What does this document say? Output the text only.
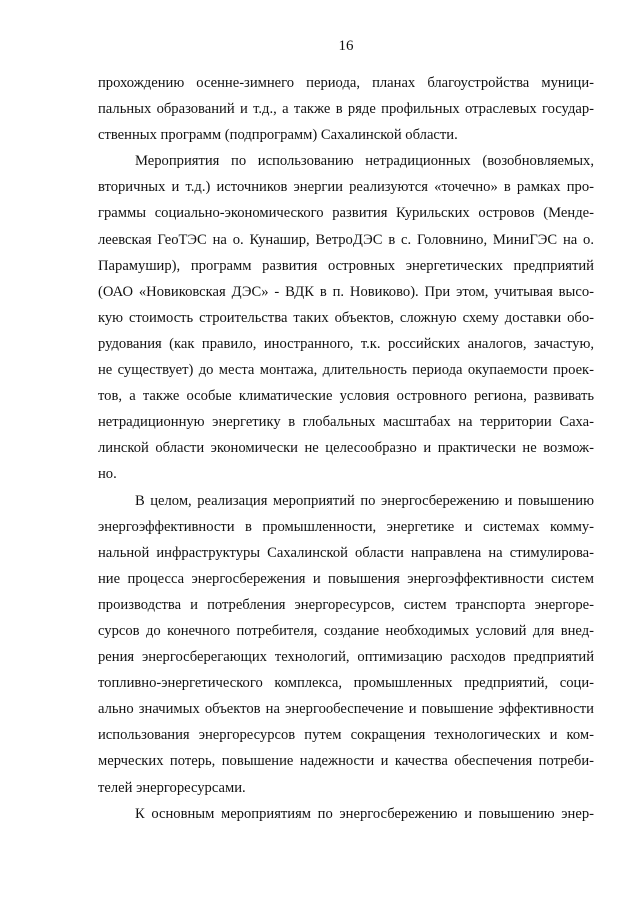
16

прохождению осенне-зимнего периода, планах благоустройства муници-
пальных образований и т.д., а также в ряде профильных отраслевых государ-
ственных программ (подпрограмм) Сахалинской области.

Мероприятия по использованию нетрадиционных (возобновляемых,
вторичных и т.д.) источников энергии реализуются «точечно» в рамках про-
граммы социально-экономического развития Курильских островов (Менде-
леевская ГеоТЭС на о. Кунашир, ВетроДЭС в с. Головнино, МиниГЭС на о.
Парамушир), программ развития островных энергетических предприятий
(ОАО «Новиковская ДЭС» - ВДК в п. Новиково). При этом, учитывая высо-
кую стоимость строительства таких объектов, сложную схему доставки обо-
рудования (как правило, иностранного, т.к. российских аналогов, зачастую,
не существует) до места монтажа, длительность периода окупаемости проек-
тов, а также особые климатические условия островного региона, развивать
нетрадиционную энергетику в глобальных масштабах на территории Саха-
линской области экономически не целесообразно и практически не возмож-
но.

В целом, реализация мероприятий по энергосбережению и повышению
энергоэффективности в промышленности, энергетике и системах комму-
нальной инфраструктуры Сахалинской области направлена на стимулирова-
ние процесса энергосбережения и повышения энергоэффективности систем
производства и потребления энергоресурсов, систем транспорта энергоре-
сурсов до конечного потребителя, создание необходимых условий для внед-
рения энергосберегающих технологий, оптимизацию расходов предприятий
топливно-энергетического комплекса, промышленных предприятий, соци-
ально значимых объектов на энергообеспечение и повышение эффективности
использования энергоресурсов путем сокращения технологических и ком-
мерческих потерь, повышение надежности и качества обеспечения потреби-
телей энергоресурсами.

К основным мероприятиям по энергосбережению и повышению энер-
